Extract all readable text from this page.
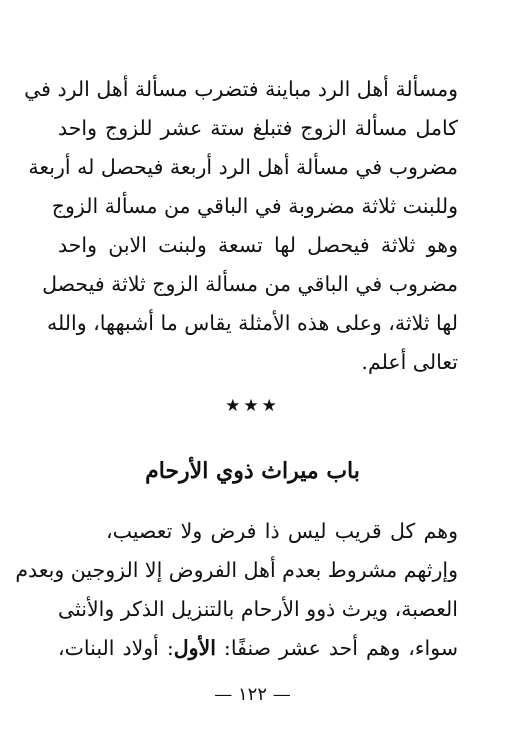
ومسألة أهل الرد مباينة فتضرب مسألة أهل الرد في
كامل مسألة الزوج فتبلغ ستة عشر للزوج واحد
مضروب في مسألة أهل الرد أربعة فيحصل له أربعة
وللبنت ثلاثة مضروبة في الباقي من مسألة الزوج
وهو ثلاثة فيحصل لها تسعة ولبنت الابن واحد
مضروب في الباقي من مسألة الزوج ثلاثة فيحصل
لها ثلاثة، وعلى هذه الأمثلة يقاس ما أشبهها، والله
تعالى أعلم.
★★★
باب ميراث ذوي الأرحام
وهم كل قريب ليس ذا فرض ولا تعصيب،
وإرثهم مشروط بعدم أهل الفروض إلا الزوجين وبعدم
العصبة، ويرث ذوو الأرحام بالتنزيل الذكر والأنثى
سواء، وهم أحد عشر صنفًا: الأول: أولاد البنات،
— ١٢٢ —
